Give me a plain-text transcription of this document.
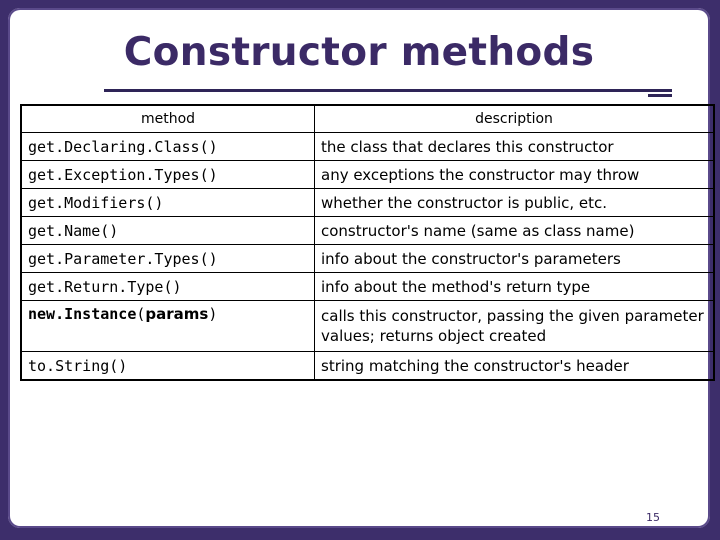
Constructor methods
method	description
get.Declaring.Class()	the class that declares this constructor
get.Exception.Types()	any exceptions the constructor may throw
get.Modifiers()	whether the constructor is public, etc.
get.Name()	constructor's name (same as class name)
get.Parameter.Types()	info about the constructor's parameters
get.Return.Type()	info about the method's return type
new.Instance(params)	calls this constructor, passing the given parameter values; returns object created
to.String()	string matching the constructor's header
15
